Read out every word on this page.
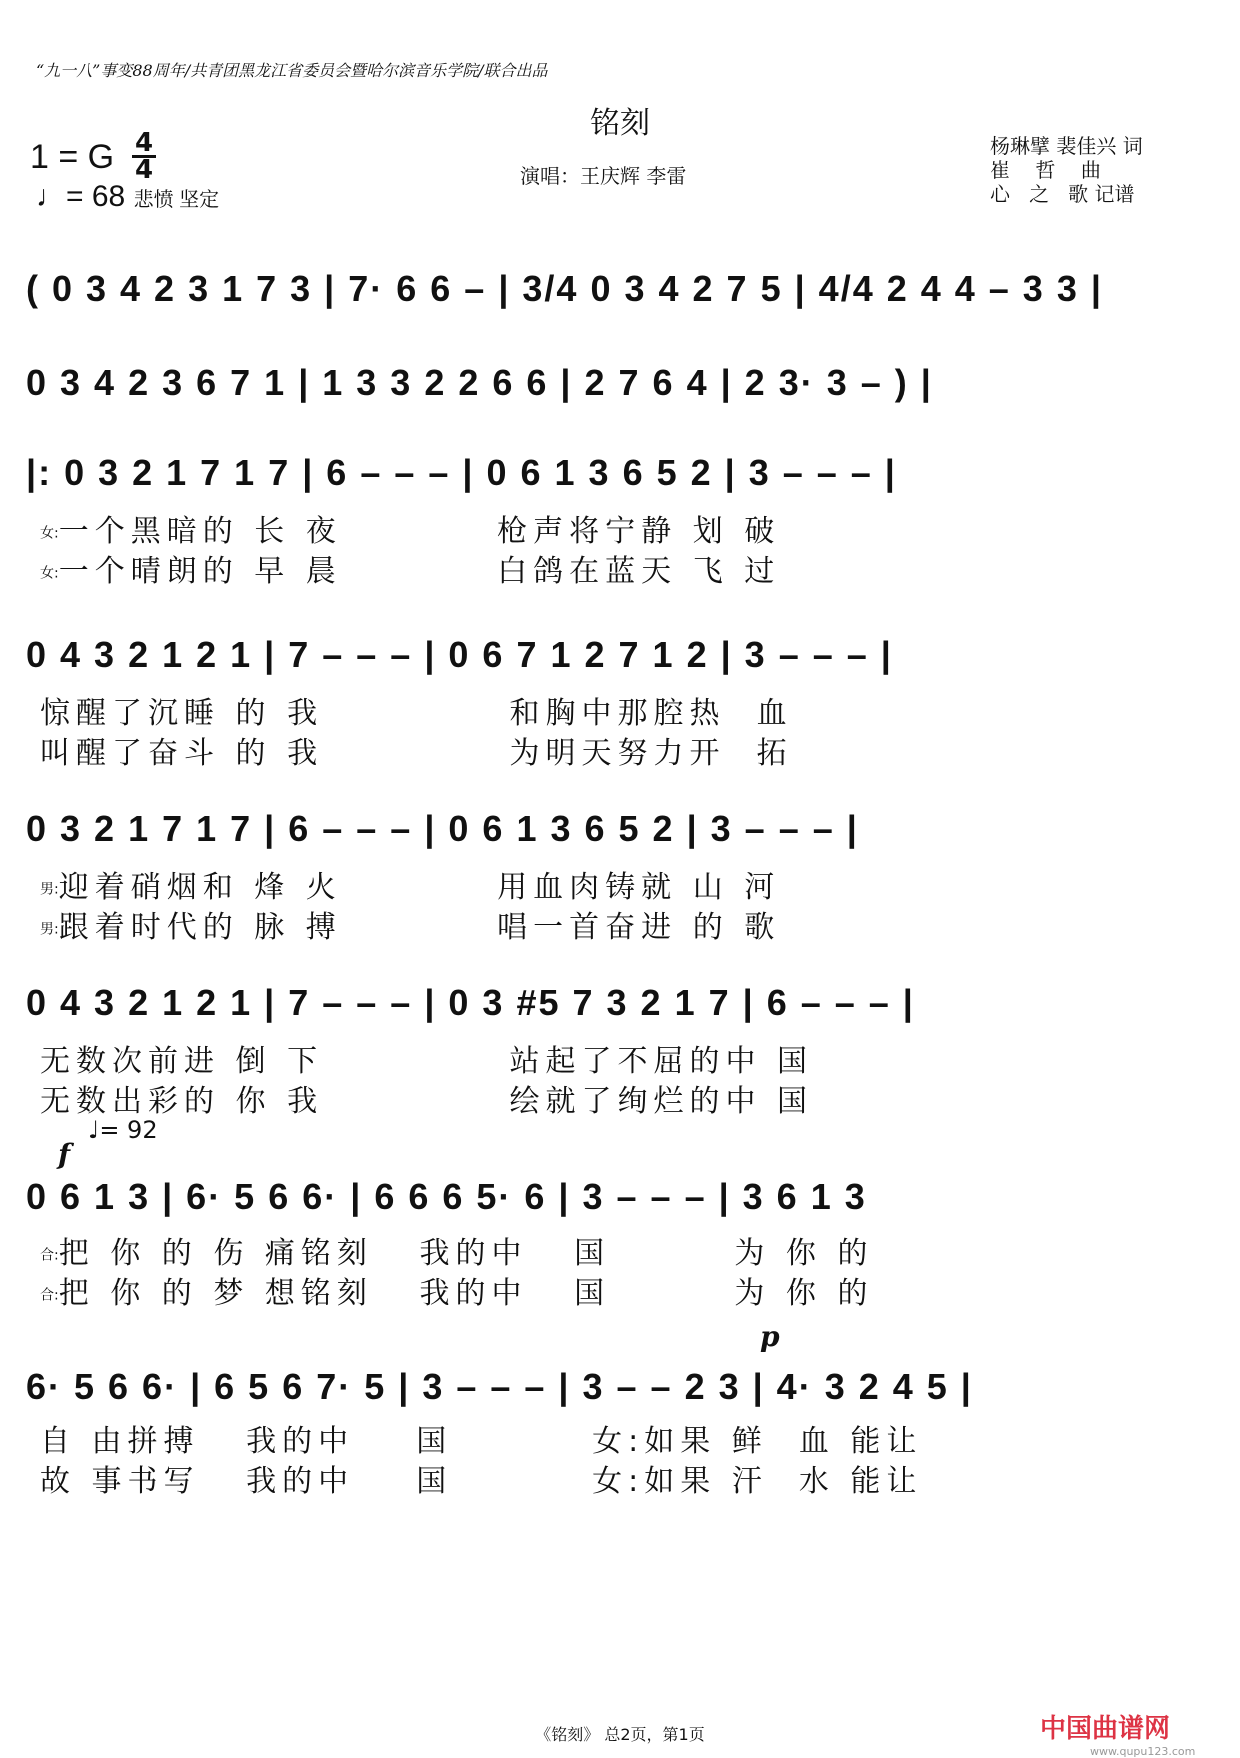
“九一八”事变88周年/共青团黑龙江省委员会暨哈尔滨音乐学院/联合出品
铭刻
演唱：王庆辉 李雷
杨琳擘 裴佳兴 词
崔    哲    曲
心   之   歌 记谱
1 = G 4
4
♩= 68 悲愤 坚定
( 0 3 4 2 3 1 7 3 | 7· 6 6 – | 3/4 0 3 4 2 7 5 | 4/4 2 4 4 – 3 3 |
0 3 4 2 3 6 7 1 | 1 3 3 2 2 6 6 | 2 7 6 4 | 2 3· 3 – ) |
|: 0 3 2 1 7 1 7 | 6 – – – | 0 6 1 3 6 5 2 | 3 – – – |
女:一个黑暗的 长 夜          枪声将宁静 划 破
女:一个晴朗的 早 晨          白鸽在蓝天 飞 过
0 4 3 2 1 2 1 | 7 – – – | 0 6 7 1 2 7 1 2 | 3 – – – |
惊醒了沉睡 的 我            和胸中那腔热  血
叫醒了奋斗 的 我            为明天努力开  拓
0 3 2 1 7 1 7 | 6 – – – | 0 6 1 3 6 5 2 | 3 – – – |
男:迎着硝烟和 烽 火          用血肉铸就 山 河
男:跟着时代的 脉 搏          唱一首奋进 的 歌
0 4 3 2 1 2 1 | 7 – – – | 0 3 #5 7 3 2 1 7 | 6 – – – |
无数次前进 倒 下            站起了不屈的中 国
无数出彩的 你 我            绘就了绚烂的中 国
♩= 92
f
0 6 1 3 | 6· 5 6 6· | 6 6 6 5· 6 | 3 – – – | 3 6 1 3
合:把 你 的 伤 痛铭刻   我的中   国        为 你 的
合:把 你 的 梦 想铭刻   我的中   国        为 你 的
p
6· 5 6 6· | 6 5 6 7· 5 | 3 – – – | 3 – – 2 3 | 4· 3 2 4 5 |
自 由拼搏   我的中    国         女:如果 鲜  血 能让
故 事书写   我的中    国         女:如果 汗  水 能让
《铭刻》 总2页，第1页	中国曲谱网
www.qupu123.com
